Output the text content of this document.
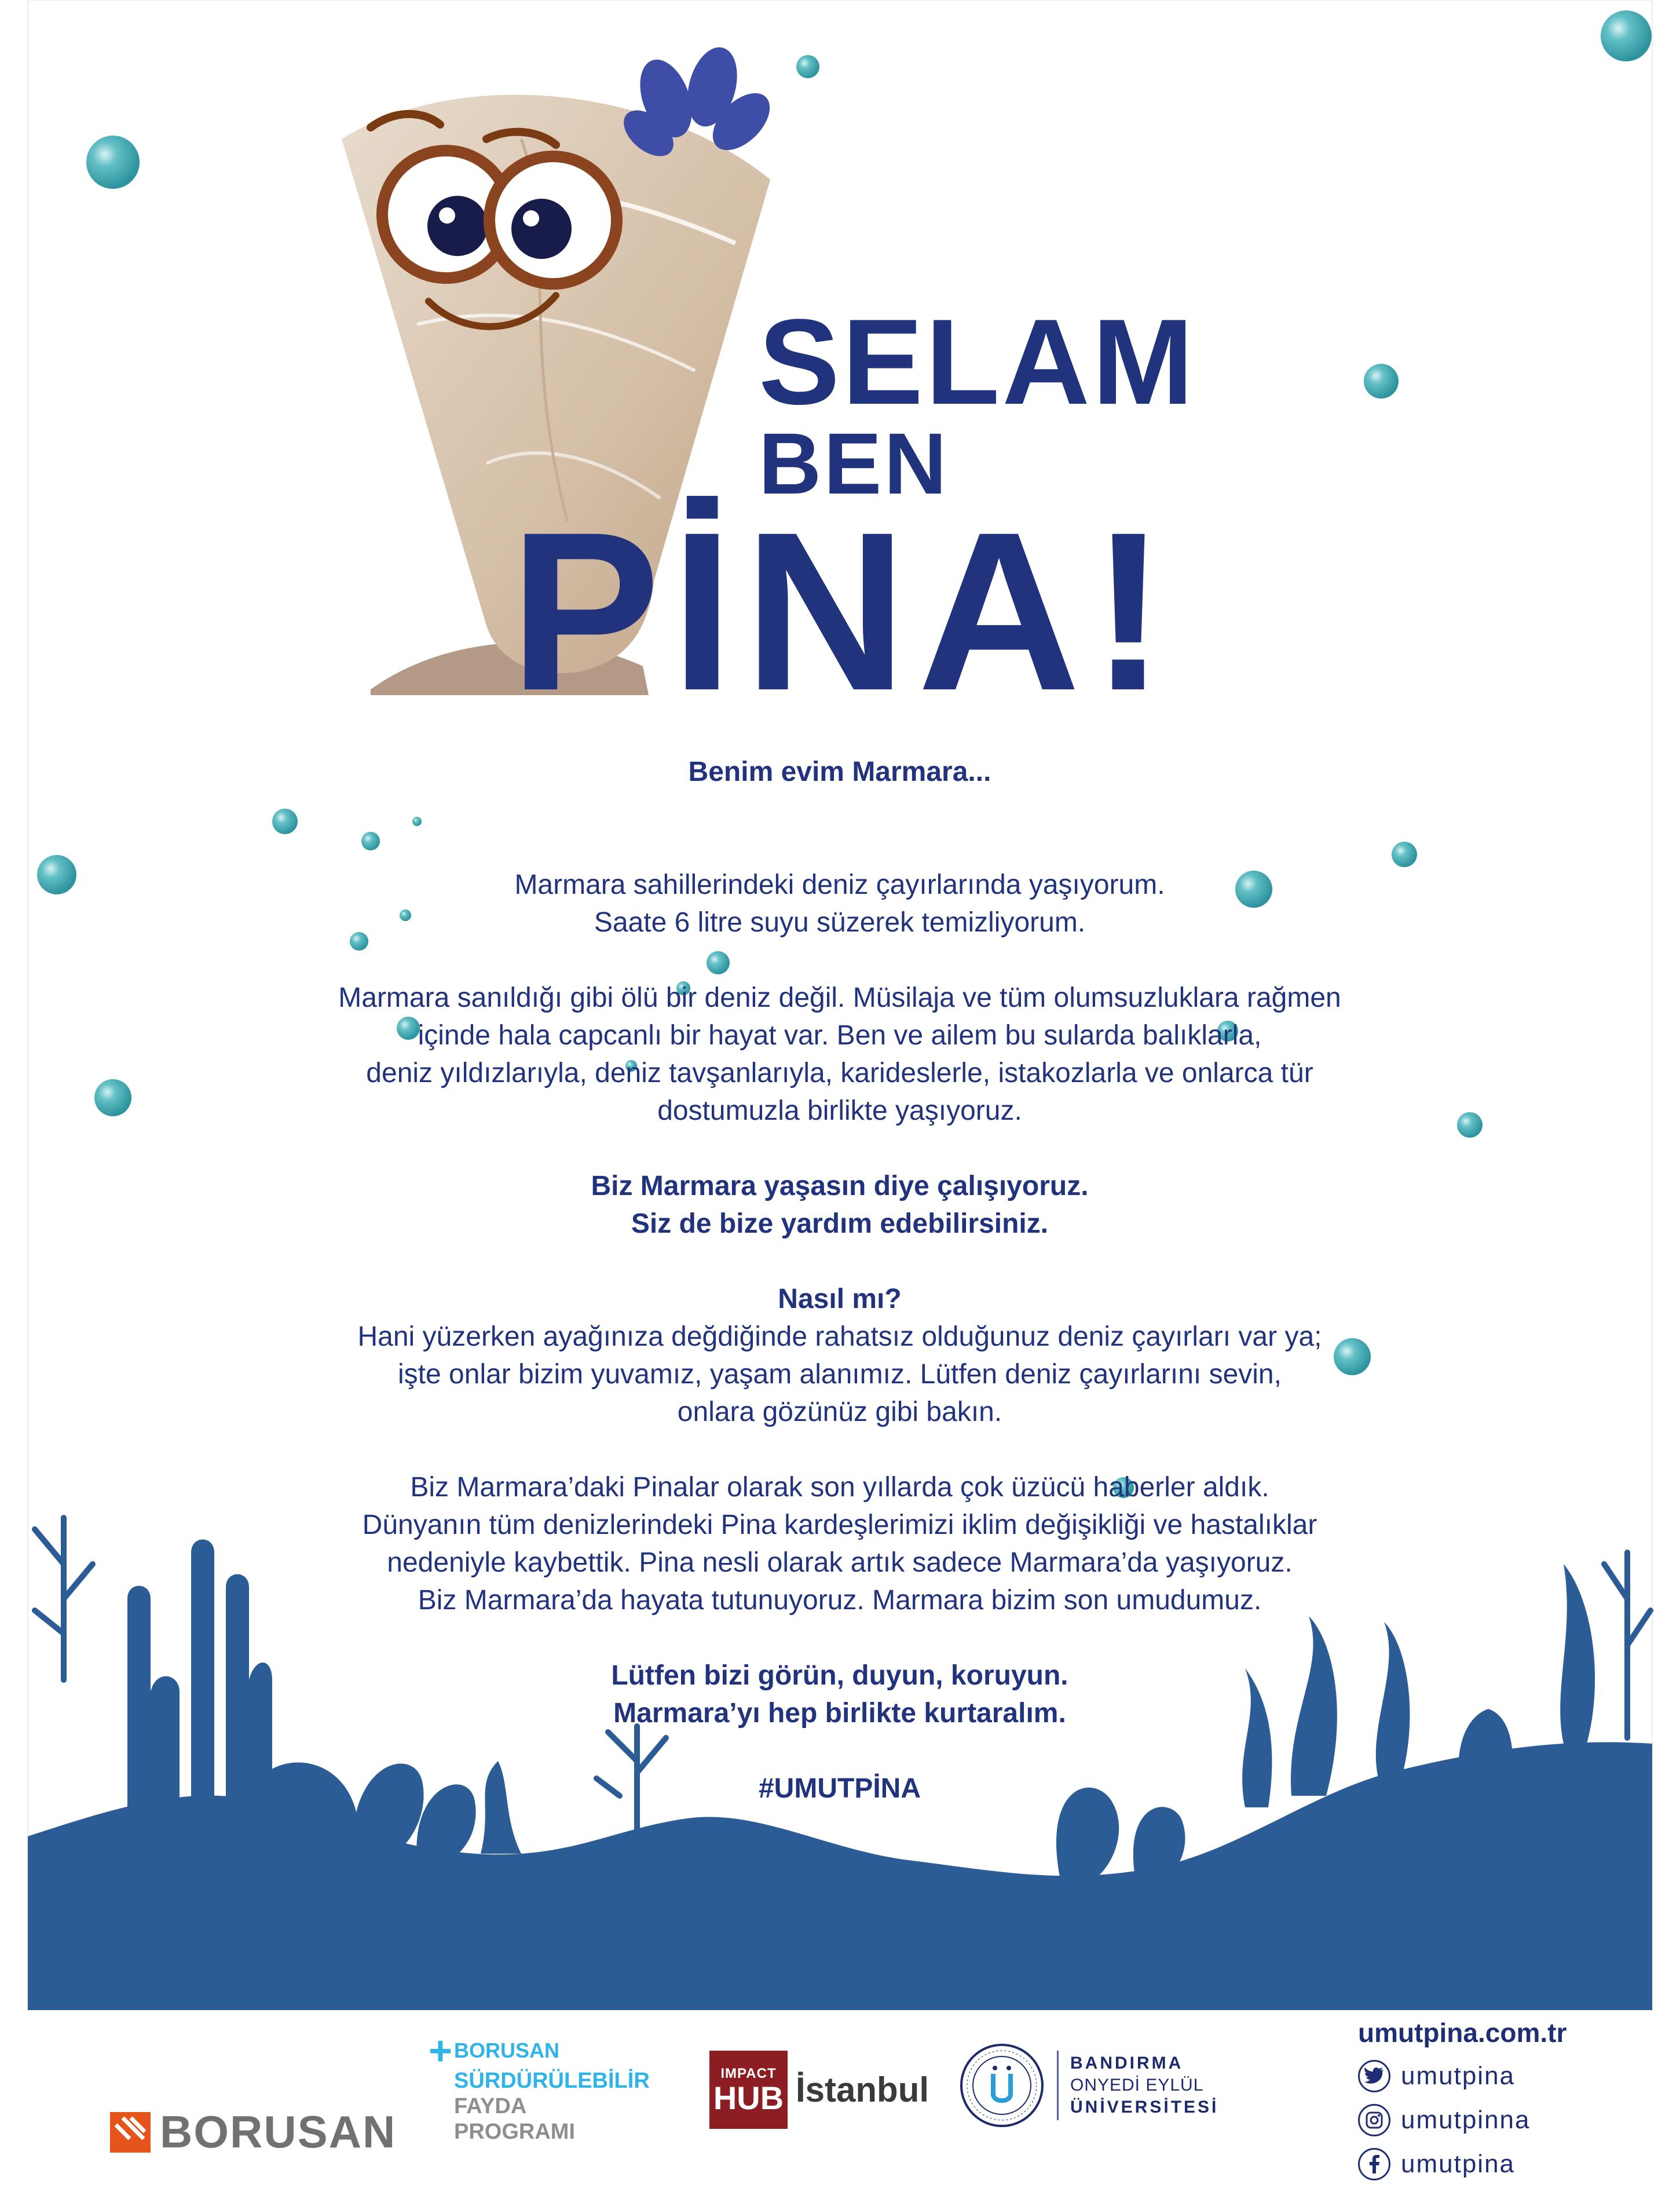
SELAM
BEN
PİNA!

Benim evim Marmara...

Marmara sahillerindeki deniz çayırlarında yaşıyorum.

Saate 6 litre suyu süzerek temizliyorum.

Marmara sanıldığı gibi ölü bir deniz değil. Müsilaja ve tüm olumsuzluklara rağmen

içinde hala capcanlı bir hayat var. Ben ve ailem bu sularda balıklarla,

deniz yıldızlarıyla, deniz tavşanlarıyla, karideslerle, istakozlarla ve onlarca tür

dostumuzla birlikte yaşıyoruz.

Biz Marmara yaşasın diye çalışıyoruz.

Siz de bize yardım edebilirsiniz.

Nasıl mı?

Hani yüzerken ayağınıza değdiğinde rahatsız olduğunuz deniz çayırları var ya;

işte onlar bizim yuvamız, yaşam alanımız. Lütfen deniz çayırlarını sevin,

onlara gözünüz gibi bakın.

Biz Marmara’daki Pinalar olarak son yıllarda çok üzücü haberler aldık.

Dünyanın tüm denizlerindeki Pina kardeşlerimizi iklim değişikliği ve hastalıklar

nedeniyle kaybettik. Pina nesli olarak artık sadece Marmara’da yaşıyoruz.

Biz Marmara’da hayata tutunuyoruz. Marmara bizim son umudumuz.

Lütfen bizi görün, duyun, koruyun.

Marmara’yı hep birlikte kurtaralım.

#UMUTPİNA

BORUSAN
+ BORUSAN
SÜRDÜRÜLEBİLİR
FAYDA
PROGRAMI
IMPACT
HUB İstanbul
BANDIRMA
ONYEDİ EYLÜL
ÜNİVERSİTESİ
umutpina.com.tr
umutpina
umutpinna
umutpina
